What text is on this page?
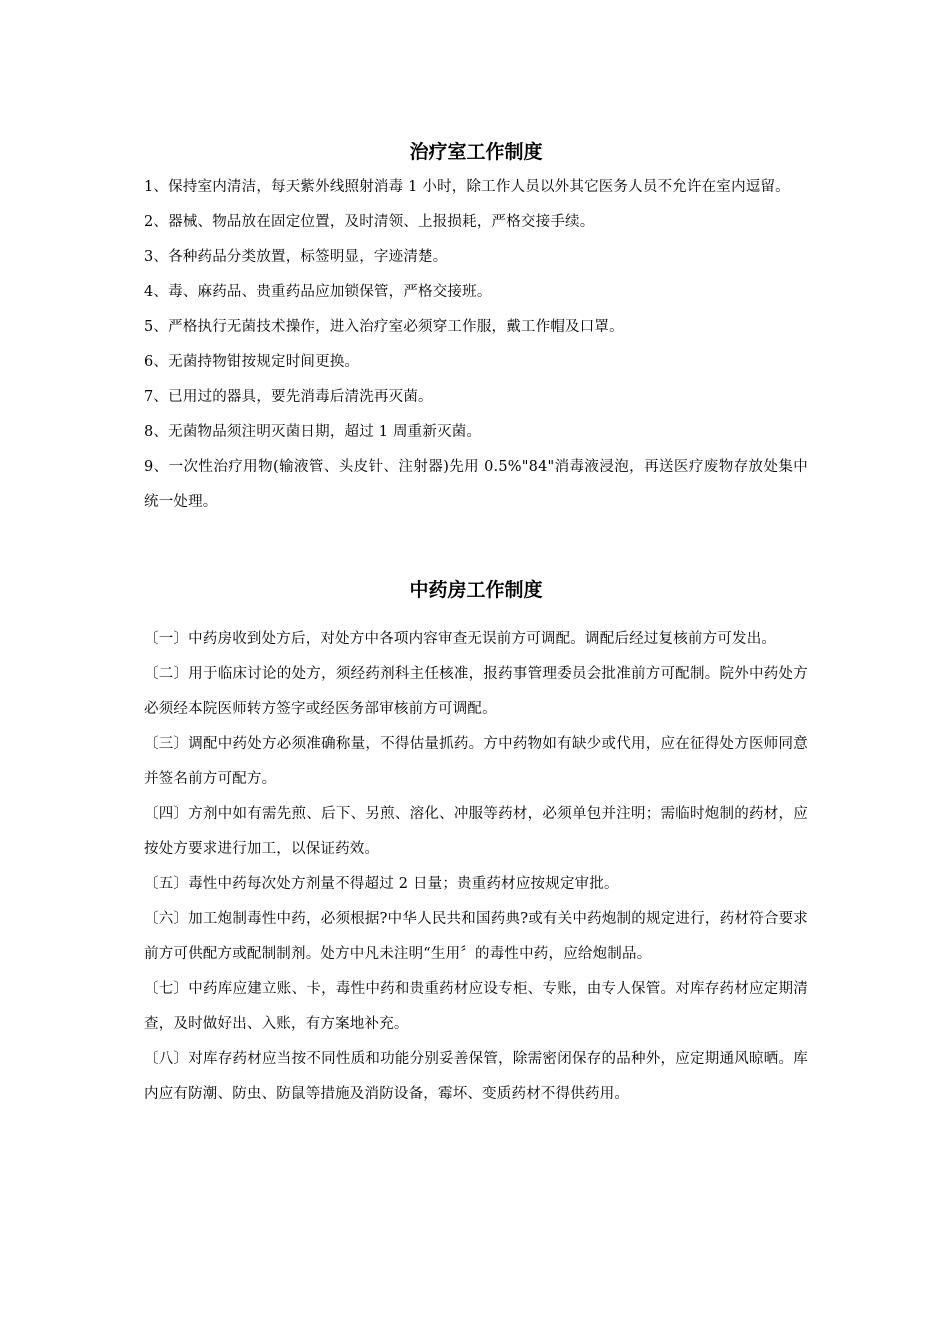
治疗室工作制度

1、保持室内清洁，每天紫外线照射消毒 1 小时，除工作人员以外其它医务人员不允许在室内逗留。

2、器械、物品放在固定位置，及时清领、上报损耗，严格交接手续。

3、各种药品分类放置，标签明显，字迹清楚。

4、毒、麻药品、贵重药品应加锁保管，严格交接班。

5、严格执行无菌技术操作，进入治疗室必须穿工作服，戴工作帽及口罩。

6、无菌持物钳按规定时间更换。

7、已用过的器具，要先消毒后清洗再灭菌。

8、无菌物品须注明灭菌日期，超过 1 周重新灭菌。

9、一次性治疗用物(输液管、头皮针、注射器)先用 0.5%"84"消毒液浸泡，再送医疗废物存放处集中统一处理。

中药房工作制度

〔一〕中药房收到处方后，对处方中各项内容审查无误前方可调配。调配后经过复核前方可发出。

〔二〕用于临床讨论的处方，须经药剂科主任核准，报药事管理委员会批准前方可配制。院外中药处方必须经本院医师转方签字或经医务部审核前方可调配。

〔三〕调配中药处方必须准确称量，不得估量抓药。方中药物如有缺少或代用，应在征得处方医师同意并签名前方可配方。

〔四〕方剂中如有需先煎、后下、另煎、溶化、冲服等药材，必须单包并注明；需临时炮制的药材，应按处方要求进行加工，以保证药效。

〔五〕毒性中药每次处方剂量不得超过 2 日量；贵重药材应按规定审批。

〔六〕加工炮制毒性中药，必须根据?中华人民共和国药典?或有关中药炮制的规定进行，药材符合要求前方可供配方或配制制剂。处方中凡未注明“生用〞的毒性中药，应给炮制品。

〔七〕中药库应建立账、卡，毒性中药和贵重药材应设专柜、专账，由专人保管。对库存药材应定期清查，及时做好出、入账，有方案地补充。

〔八〕对库存药材应当按不同性质和功能分别妥善保管，除需密闭保存的品种外，应定期通风晾晒。库内应有防潮、防虫、防鼠等措施及消防设备，霉坏、变质药材不得供药用。
